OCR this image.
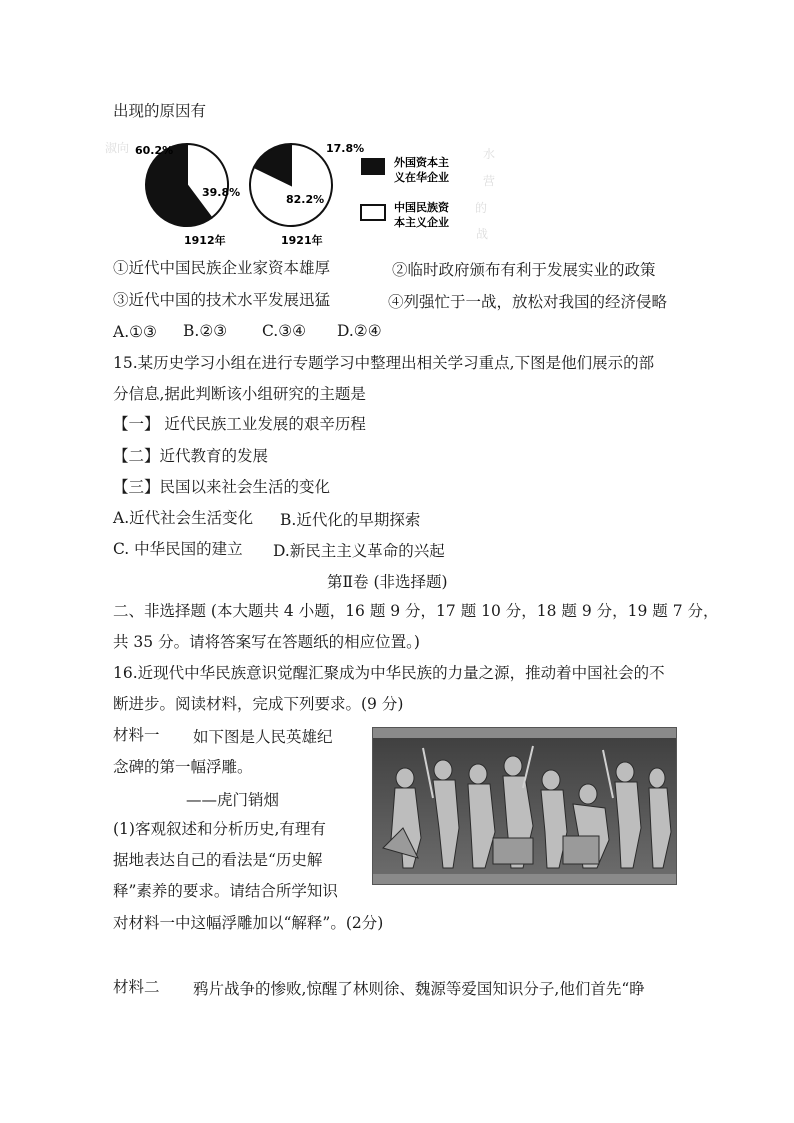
出现的原因有
淑向	水
营
的
战
60.2%
39.8%
1912年
17.8%
82.2%
1921年
外国资本主
义在华企业
中国民族资
本主义企业
①近代中国民族企业家资本雄厚	②临时政府颁布有利于发展实业的政策
③近代中国的技术水平发展迅猛	④列强忙于一战，放松对我国的经济侵略
A.①③ B.②③ C.③④ D.②④
15.某历史学习小组在进行专题学习中整理出相关学习重点,下图是他们展示的部
分信息,据此判断该小组研究的主题是
【一】 近代民族工业发展的艰辛历程
【二】近代教育的发展
【三】民国以来社会生活的变化
A.近代社会生活变化 B.近代化的早期探索
C. 中华民国的建立 D.新民主主义革命的兴起
第Ⅱ卷 (非选择题)
二、非选择题 (本大题共 4 小题，16 题 9 分，17 题 10 分，18 题 9 分，19 题 7 分，
共 35 分。请将答案写在答题纸的相应位置。)
16.近现代中华民族意识觉醒汇聚成为中华民族的力量之源，推动着中国社会的不
断进步。阅读材料，完成下列要求。(9 分)
材料一 如下图是人民英雄纪
念碑的第一幅浮雕。
——虎门销烟
(1)客观叙述和分析历史,有理有
据地表达自己的看法是“历史解
释”素养的要求。请结合所学知识
对材料一中这幅浮雕加以“解释”。(2分)
材料二 鸦片战争的惨败,惊醒了林则徐、魏源等爱国知识分子,他们首先“睁
